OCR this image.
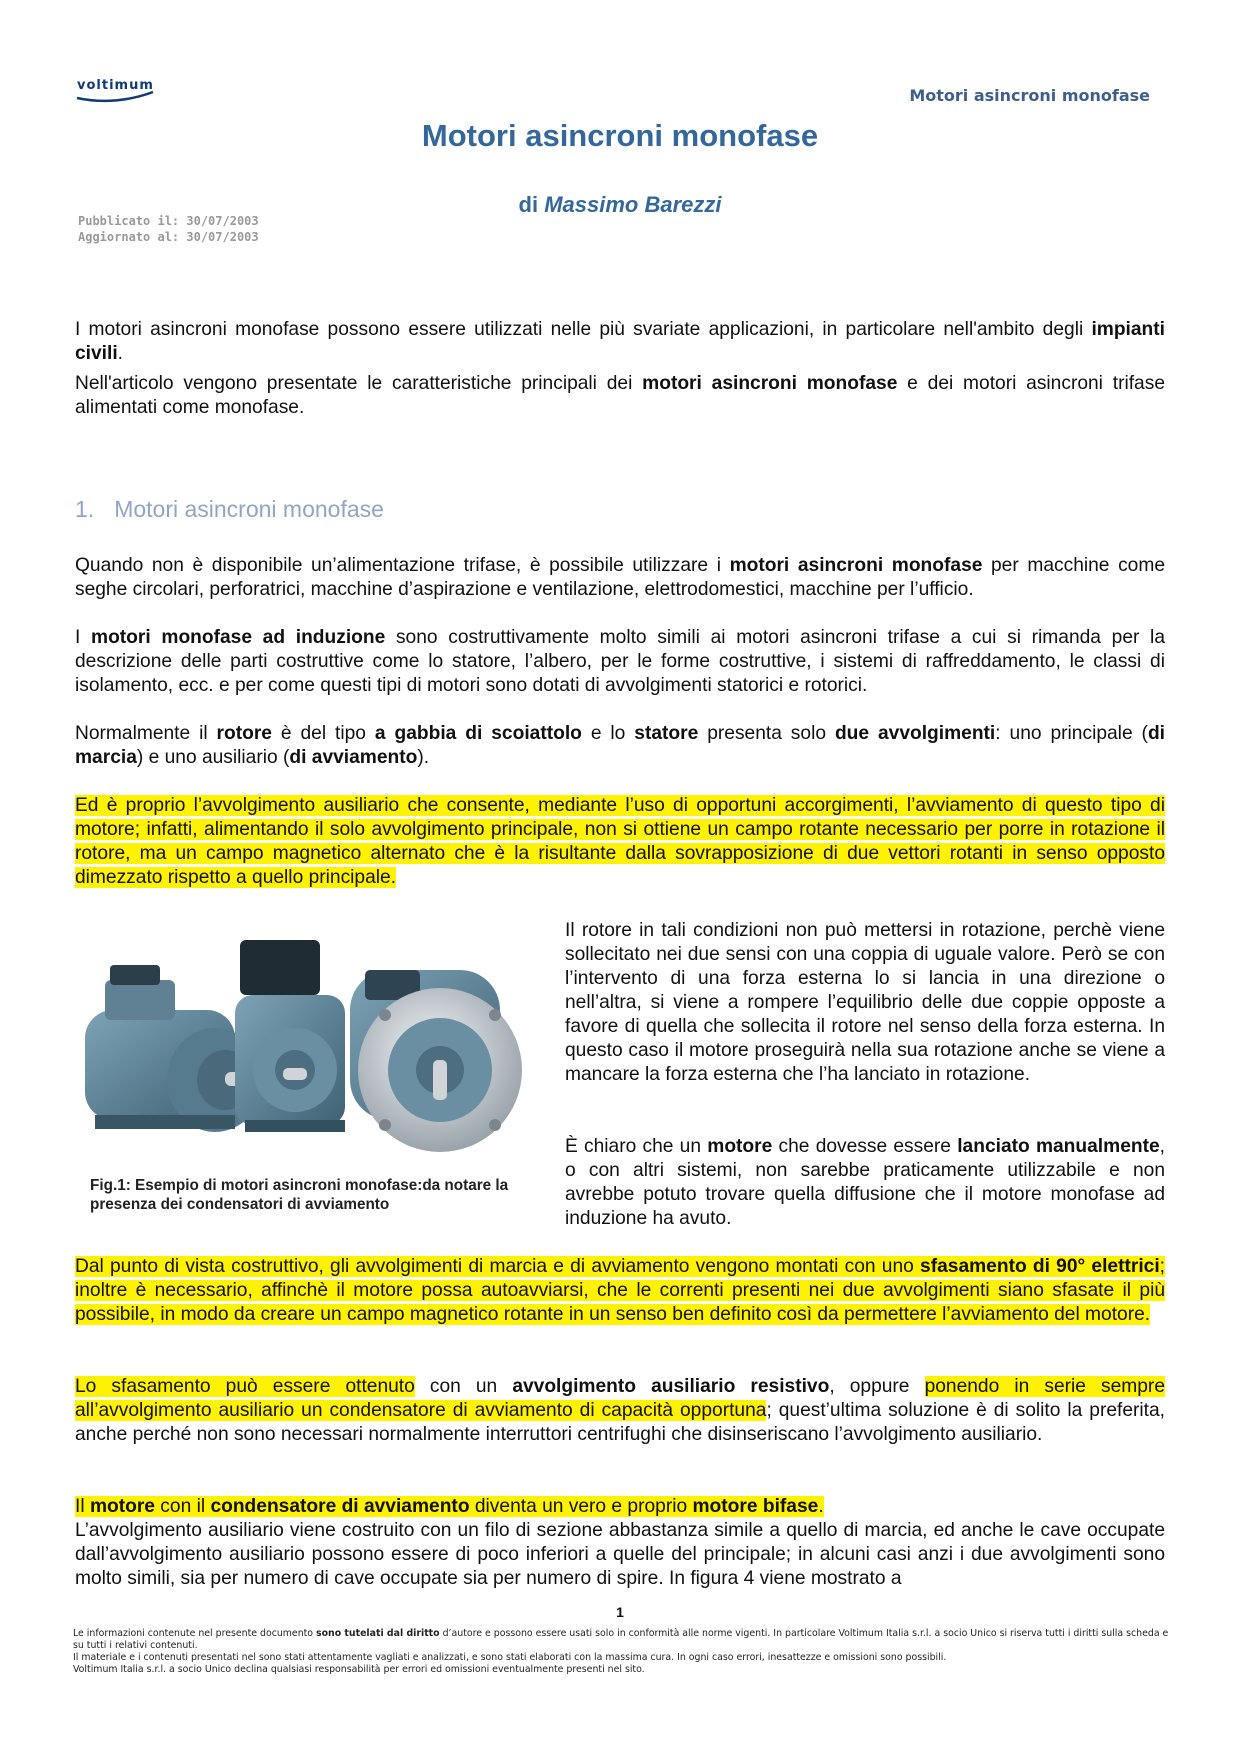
voltimum
Motori asincroni monofase
Motori asincroni monofase
di Massimo Barezzi
Pubblicato il: 30/07/2003
Aggiornato al: 30/07/2003
I motori asincroni monofase possono essere utilizzati nelle più svariate applicazioni, in particolare nell'ambito degli impianti civili.
Nell'articolo vengono presentate le caratteristiche principali dei motori asincroni monofase e dei motori asincroni trifase alimentati come monofase.
1. Motori asincroni monofase
Quando non è disponibile un’alimentazione trifase, è possibile utilizzare i motori asincroni monofase per macchine come seghe circolari, perforatrici, macchine d’aspirazione e ventilazione, elettrodomestici, macchine per l’ufficio.
I motori monofase ad induzione sono costruttivamente molto simili ai motori asincroni trifase a cui si rimanda per la descrizione delle parti costruttive come lo statore, l’albero, per le forme costruttive, i sistemi di raffreddamento, le classi di isolamento, ecc. e per come questi tipi di motori sono dotati di avvolgimenti statorici e rotorici.
Normalmente il rotore è del tipo a gabbia di scoiattolo e lo statore presenta solo due avvolgimenti: uno principale (di marcia) e uno ausiliario (di avviamento).
Ed è proprio l’avvolgimento ausiliario che consente, mediante l’uso di opportuni accorgimenti, l’avviamento di questo tipo di motore; infatti, alimentando il solo avvolgimento principale, non si ottiene un campo rotante necessario per porre in rotazione il rotore, ma un campo magnetico alternato che è la risultante dalla sovrapposizione di due vettori rotanti in senso opposto dimezzato rispetto a quello principale.
Fig.1: Esempio di motori asincroni monofase:da notare la presenza dei condensatori di avviamento
Il rotore in tali condizioni non può mettersi in rotazione, perchè viene sollecitato nei due sensi con una coppia di uguale valore. Però se con l’intervento di una forza esterna lo si lancia in una direzione o nell’altra, si viene a rompere l’equilibrio delle due coppie opposte a favore di quella che sollecita il rotore nel senso della forza esterna. In questo caso il motore proseguirà nella sua rotazione anche se viene a mancare la forza esterna che l’ha lanciato in rotazione.
È chiaro che un motore che dovesse essere lanciato manualmente, o con altri sistemi, non sarebbe praticamente utilizzabile e non avrebbe potuto trovare quella diffusione che il motore monofase ad induzione ha avuto.
Dal punto di vista costruttivo, gli avvolgimenti di marcia e di avviamento vengono montati con uno sfasamento di 90° elettrici; inoltre è necessario, affinchè il motore possa autoavviarsi, che le correnti presenti nei due avvolgimenti siano sfasate il più possibile, in modo da creare un campo magnetico rotante in un senso ben definito così da permettere l’avviamento del motore.
Lo sfasamento può essere ottenuto con un avvolgimento ausiliario resistivo, oppure ponendo in serie sempre all’avvolgimento ausiliario un condensatore di avviamento di capacità opportuna; quest’ultima soluzione è di solito la preferita, anche perché non sono necessari normalmente interruttori centrifughi che disinseriscano l’avvolgimento ausiliario.
Il motore con il condensatore di avviamento diventa un vero e proprio motore bifase.
L’avvolgimento ausiliario viene costruito con un filo di sezione abbastanza simile a quello di marcia, ed anche le cave occupate dall’avvolgimento ausiliario possono essere di poco inferiori a quelle del principale; in alcuni casi anzi i due avvolgimenti sono molto simili, sia per numero di cave occupate sia per numero di spire. In figura 4 viene mostrato a
1

Le informazioni contenute nel presente documento sono tutelati dal diritto d’autore e possono essere usati solo in conformità alle norme vigenti. In particolare Voltimum Italia s.r.l. a socio Unico si riserva tutti i diritti sulla scheda e su tutti i relativi contenuti.

Il materiale e i contenuti presentati nel sono stati attentamente vagliati e analizzati, e sono stati elaborati con la massima cura. In ogni caso errori, inesattezze e omissioni sono possibili.

Voltimum Italia s.r.l. a socio Unico declina qualsiasi responsabilità per errori ed omissioni eventualmente presenti nel sito.
